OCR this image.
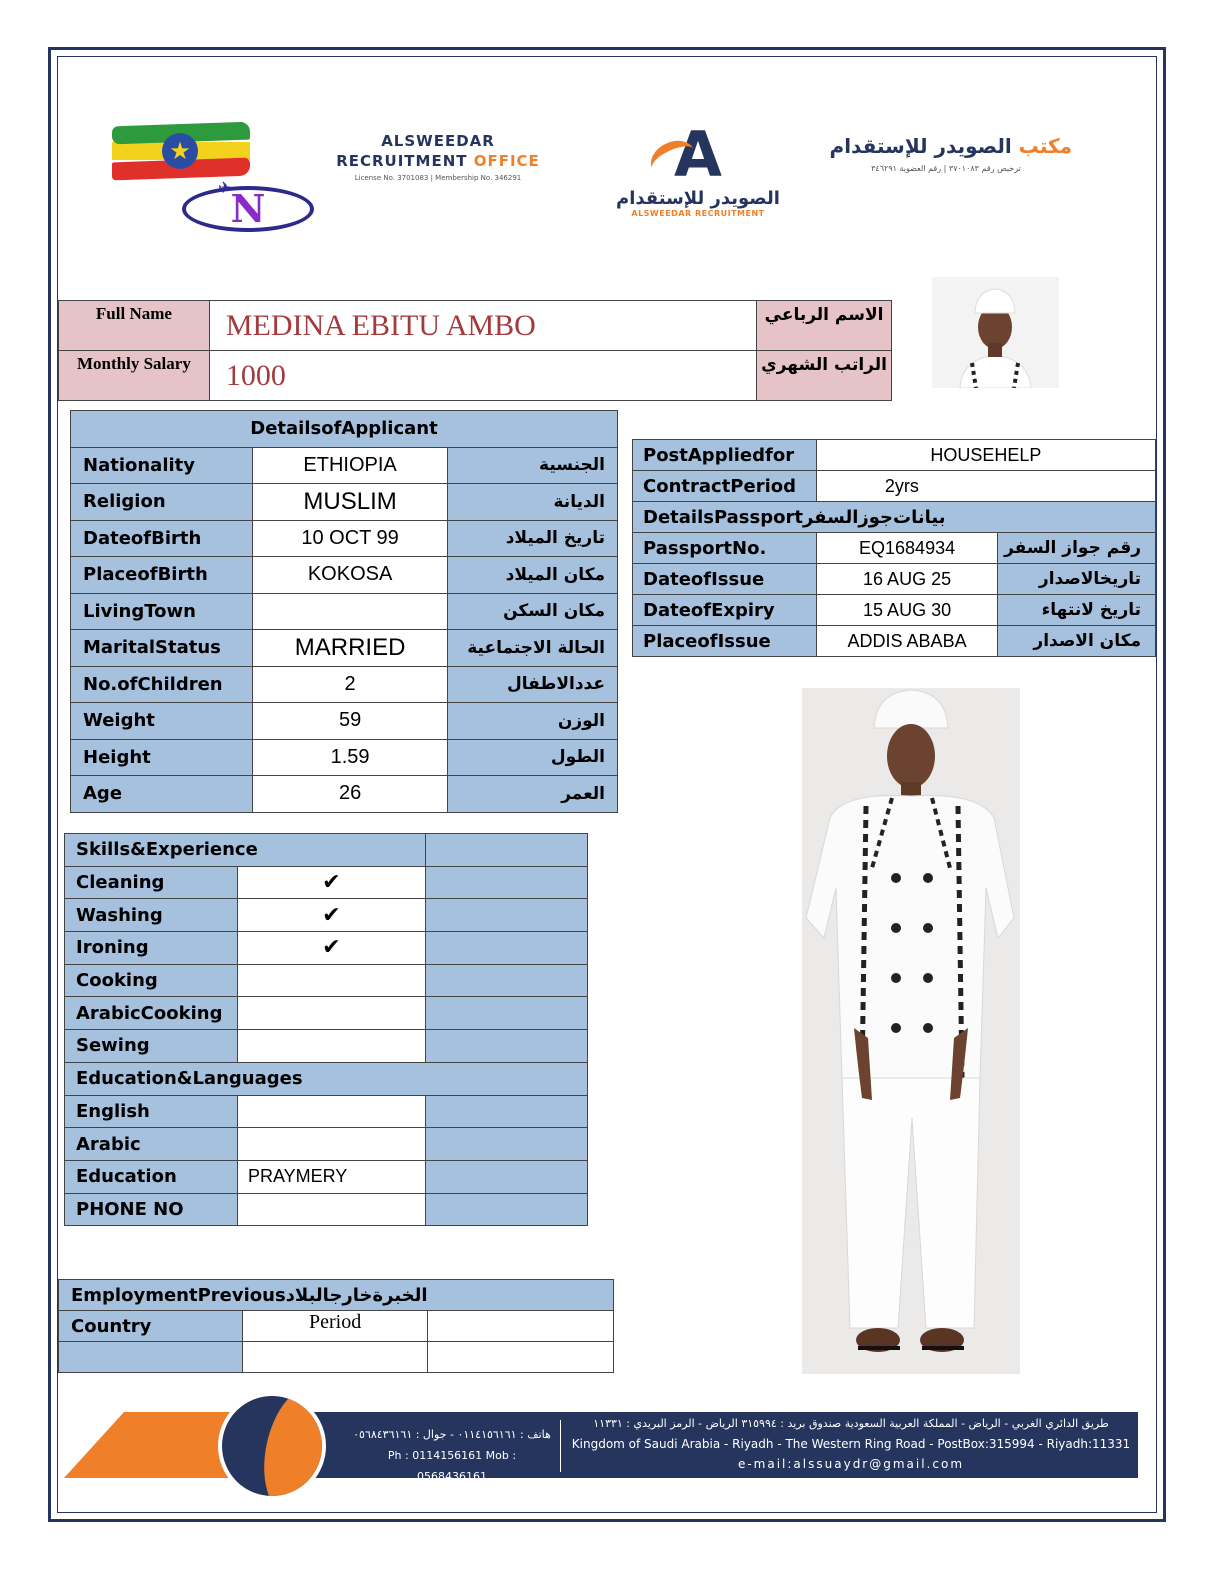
★
✈ N
ALSWEEDAR
RECRUITMENT OFFICE
License No. 3701083 | Membership No. 346291	A
الصويدر للإستقدام
ALSWEEDAR RECRUITMENT
مكتب الصويدر للإستقدام
ترخيص رقم ٣٧٠١٠٨٣ | رقم العضوية ٣٤٦٢٩١
Full Name	MEDINA EBITU AMBO	الاسم الرباعي
Monthly Salary	1000	الراتب الشهري
DetailsofApplicant		
Nationality	ETHIOPIA	الجنسية
Religion	MUSLIM	الديانة
DateofBirth	10 OCT 99	تاريخ الميلاد
PlaceofBirth	KOKOSA	مكان الميلاد
LivingTown		مكان السكن
MaritalStatus	MARRIED	الحالة الاجتماعية
No.ofChildren	2	عددالاطفال
Weight	59	الوزن
Height	1.59	الطول
Age	26	العمر
PostAppliedfor	HOUSEHELP	
ContractPeriod	2yrs	
DetailsPassportبيانات‌جوزالسفر		
PassportNo.	EQ1684934	رقم جواز السفر
DateofIssue	16 AUG 25	تاريخالاصدار
DateofExpiry	15 AUG 30	تاريخ لانتهاء
PlaceofIssue	ADDIS ABABA	مكان الاصدار
Skills&Experience		
Cleaning	✔	
Washing	✔	
Ironing	✔	
Cooking		
ArabicCooking		
Sewing		
Education&Languages		
English		
Arabic		
Education	PRAYMERY	
PHONE NO		
EmploymentPreviousالخبرةخارجالبلاد		
Country	Period	

هاتف : ٠١١٤١٥٦١٦١ - جوال : ٠٥٦٨٤٣٦١٦١
Ph : 0114156161 Mob : 0568436161
طريق الدائري الغربي - الرياض - المملكة العربية السعودية صندوق بريد : ٣١٥٩٩٤ الرياض - الرمز البريدي : ١١٣٣١
Kingdom of Saudi Arabia - Riyadh - The Western Ring Road - PostBox:315994 - Riyadh:11331
e-mail:alssuaydr@gmail.com
